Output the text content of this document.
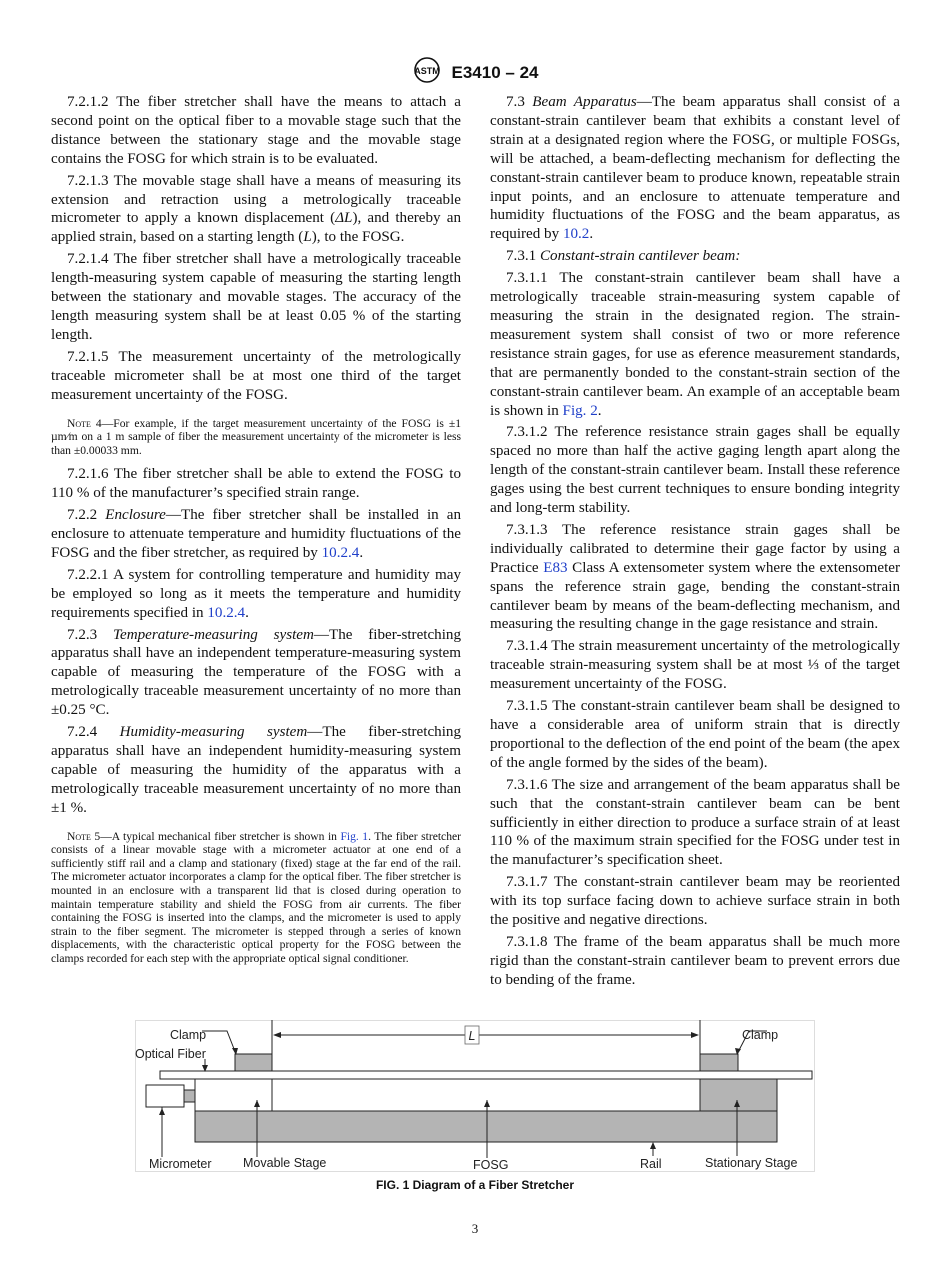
ASTM E3410 – 24

7.2.1.2 The fiber stretcher shall have the means to attach a second point on the optical fiber to a movable stage such that the distance between the stationary stage and the movable stage contains the FOSG for which strain is to be evaluated.

7.2.1.3 The movable stage shall have a means of measuring its extension and retraction using a metrologically traceable micrometer to apply a known displacement (ΔL), and thereby an applied strain, based on a starting length (L), to the FOSG.

7.2.1.4 The fiber stretcher shall have a metrologically traceable length-measuring system capable of measuring the starting length between the stationary and movable stages. The accuracy of the length measuring system shall be at least 0.05 % of the starting length.

7.2.1.5 The measurement uncertainty of the metrologically traceable micrometer shall be at most one third of the target measurement uncertainty of the FOSG.

Note 4—For example, if the target measurement uncertainty of the FOSG is ±1 µm⁄m on a 1 m sample of fiber the measurement uncertainty of the micrometer is less than ±0.00033 mm.

7.2.1.6 The fiber stretcher shall be able to extend the FOSG to 110 % of the manufacturer’s specified strain range.

7.2.2 Enclosure—The fiber stretcher shall be installed in an enclosure to attenuate temperature and humidity fluctuations of the FOSG and the fiber stretcher, as required by 10.2.4.

7.2.2.1 A system for controlling temperature and humidity may be employed so long as it meets the temperature and humidity requirements specified in 10.2.4.

7.2.3 Temperature-measuring system—The fiber-stretching apparatus shall have an independent temperature-measuring system capable of measuring the temperature of the FOSG with a metrologically traceable measurement uncertainty of no more than ±0.25 °C.

7.2.4 Humidity-measuring system—The fiber-stretching apparatus shall have an independent humidity-measuring system capable of measuring the humidity of the apparatus with a metrologically traceable measurement uncertainty of no more than ±1 %.

Note 5—A typical mechanical fiber stretcher is shown in Fig. 1. The fiber stretcher consists of a linear movable stage with a micrometer actuator at one end of a sufficiently stiff rail and a clamp and stationary (fixed) stage at the far end of the rail. The micrometer actuator incorporates a clamp for the optical fiber. The fiber stretcher is mounted in an enclosure with a transparent lid that is closed during operation to maintain temperature stability and shield the FOSG from air currents. The fiber containing the FOSG is inserted into the clamps, and the micrometer is used to apply strain to the fiber segment. The micrometer is stepped through a series of known displacements, with the characteristic optical property for the FOSG between the clamps recorded for each step with the appropriate optical signal conditioner.

7.3 Beam Apparatus—The beam apparatus shall consist of a constant-strain cantilever beam that exhibits a constant level of strain at a designated region where the FOSG, or multiple FOSGs, will be attached, a beam-deflecting mechanism for deflecting the constant-strain cantilever beam to produce known, repeatable strain input points, and an enclosure to attenuate temperature and humidity fluctuations of the FOSG and the beam apparatus, as required by 10.2.

7.3.1 Constant-strain cantilever beam:

7.3.1.1 The constant-strain cantilever beam shall have a metrologically traceable strain-measuring system capable of measuring the strain in the designated region. The strain-measurement system shall consist of two or more reference resistance strain gages, for use as eference measurement standards, that are permanently bonded to the constant-strain section of the constant-strain cantilever beam. An example of an acceptable beam is shown in Fig. 2.

7.3.1.2 The reference resistance strain gages shall be equally spaced no more than half the active gaging length apart along the length of the constant-strain cantilever beam. Install these reference gages using the best current techniques to ensure bonding integrity and long-term stability.

7.3.1.3 The reference resistance strain gages shall be individually calibrated to determine their gage factor by using a Practice E83 Class A extensometer system where the extensometer spans the reference strain gage, bending the constant-strain cantilever beam by means of the beam-deflecting mechanism, and measuring the resulting change in the gage resistance and strain.

7.3.1.4 The strain measurement uncertainty of the metrologically traceable strain-measuring system shall be at most ⅓ of the target measurement uncertainty of the FOSG.

7.3.1.5 The constant-strain cantilever beam shall be designed to have a considerable area of uniform strain that is directly proportional to the deflection of the end point of the beam (the apex of the angle formed by the sides of the beam).

7.3.1.6 The size and arrangement of the beam apparatus shall be such that the constant-strain cantilever beam can be bent sufficiently in either direction to produce a surface strain of at least 110 % of the maximum strain specified for the FOSG under test in the manufacturer’s specification sheet.

7.3.1.7 The constant-strain cantilever beam may be reoriented with its top surface facing down to achieve surface strain in both the positive and negative directions.

7.3.1.8 The frame of the beam apparatus shall be much more rigid than the constant-strain cantilever beam to prevent errors due to bending of the frame.

L
Clamp
Optical Fiber
Clamp
Micrometer	Movable Stage	FOSG	Rail	Stationary Stage
FIG. 1 Diagram of a Fiber Stretcher
3
